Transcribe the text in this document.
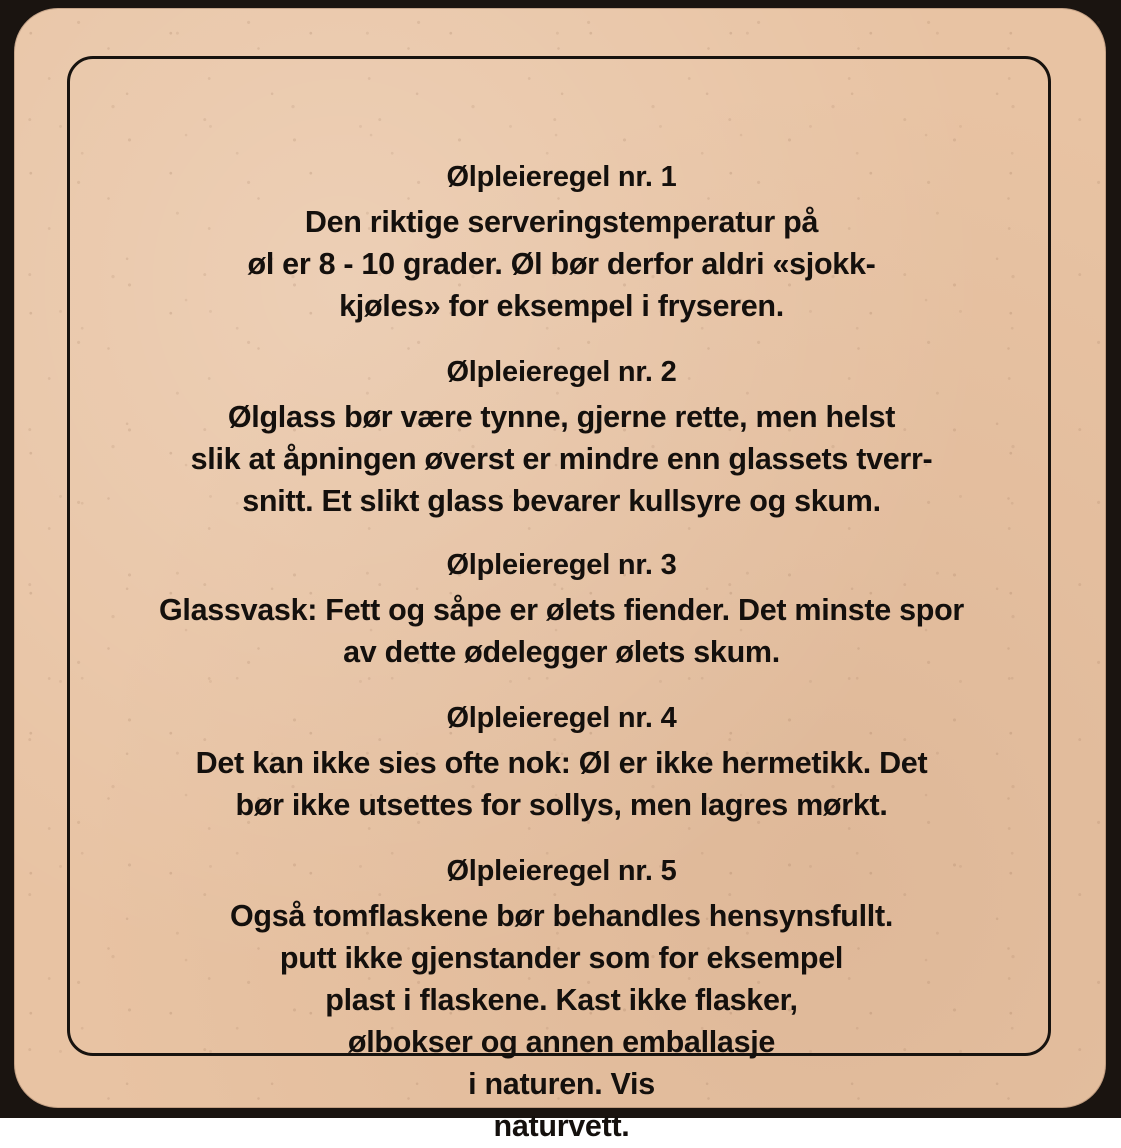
Ølpleieregel nr. 1
Den riktige serveringstemperatur på
øl er 8 - 10 grader. Øl bør derfor aldri «sjokk-
kjøles» for eksempel i fryseren.
Ølpleieregel nr. 2
Ølglass bør være tynne, gjerne rette, men helst
slik at åpningen øverst er mindre enn glassets tverr-
snitt. Et slikt glass bevarer kullsyre og skum.
Ølpleieregel nr. 3
Glassvask: Fett og såpe er ølets fiender. Det minste spor
av dette ødelegger ølets skum.
Ølpleieregel nr. 4
Det kan ikke sies ofte nok: Øl er ikke hermetikk. Det
bør ikke utsettes for sollys, men lagres mørkt.
Ølpleieregel nr. 5
Også tomflaskene bør behandles hensynsfullt.
putt ikke gjenstander som for eksempel
plast i flaskene. Kast ikke flasker,
ølbokser og annen emballasje
i naturen. Vis
naturvett.
